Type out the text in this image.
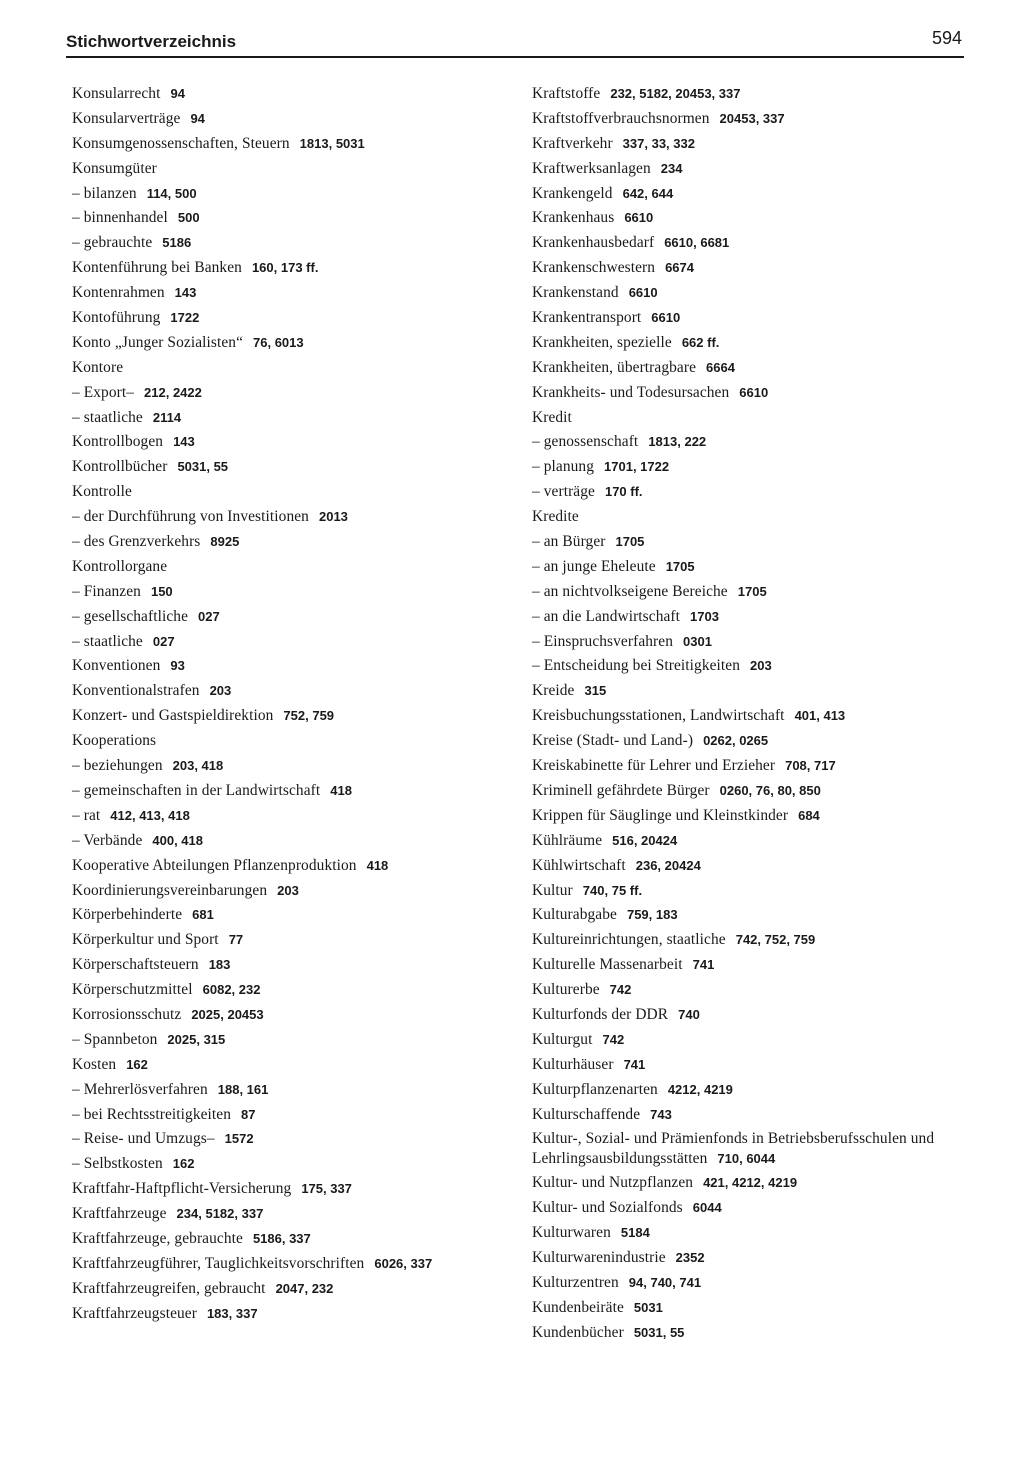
Stichwortverzeichnis	594
Konsularrecht 94
Konsularverträge 94
Konsumgenossenschaften, Steuern 1813, 5031
Konsumgüter
– bilanzen 114, 500
– binnenhandel 500
– gebrauchte 5186
Kontenführung bei Banken 160, 173 ff.
Kontenrahmen 143
Kontoführung 1722
Konto „Junger Sozialisten“ 76, 6013
Kontore
– Export– 212, 2422
– staatliche 2114
Kontrollbogen 143
Kontrollbücher 5031, 55
Kontrolle
– der Durchführung von Investitionen 2013
– des Grenzverkehrs 8925
Kontrollorgane
– Finanzen 150
– gesellschaftliche 027
– staatliche 027
Konventionen 93
Konventionalstrafen 203
Konzert- und Gastspieldirektion 752, 759
Kooperations
– beziehungen 203, 418
– gemeinschaften in der Landwirtschaft 418
– rat 412, 413, 418
– Verbände 400, 418
Kooperative Abteilungen Pflanzenproduktion 418
Koordinierungsvereinbarungen 203
Körperbehinderte 681
Körperkultur und Sport 77
Körperschaftsteuern 183
Körperschutzmittel 6082, 232
Korrosionsschutz 2025, 20453
– Spannbeton 2025, 315
Kosten 162
– Mehrerlösverfahren 188, 161
– bei Rechtsstreitigkeiten 87
– Reise- und Umzugs– 1572
– Selbstkosten 162
Kraftfahr-Haftpflicht-Versicherung 175, 337
Kraftfahrzeuge 234, 5182, 337
Kraftfahrzeuge, gebrauchte 5186, 337
Kraftfahrzeugführer, Tauglichkeitsvorschriften 6026, 337
Kraftfahrzeugreifen, gebraucht 2047, 232
Kraftfahrzeugsteuer 183, 337
Kraftstoffe 232, 5182, 20453, 337
Kraftstoffverbrauchsnormen 20453, 337
Kraftverkehr 337, 33, 332
Kraftwerksanlagen 234
Krankengeld 642, 644
Krankenhaus 6610
Krankenhausbedarf 6610, 6681
Krankenschwestern 6674
Krankenstand 6610
Krankentransport 6610
Krankheiten, spezielle 662 ff.
Krankheiten, übertragbare 6664
Krankheits- und Todesursachen 6610
Kredit
– genossenschaft 1813, 222
– planung 1701, 1722
– verträge 170 ff.
Kredite
– an Bürger 1705
– an junge Eheleute 1705
– an nichtvolkseigene Bereiche 1705
– an die Landwirtschaft 1703
– Einspruchsverfahren 0301
– Entscheidung bei Streitigkeiten 203
Kreide 315
Kreisbuchungsstationen, Landwirtschaft 401, 413
Kreise (Stadt- und Land-) 0262, 0265
Kreiskabinette für Lehrer und Erzieher 708, 717
Kriminell gefährdete Bürger 0260, 76, 80, 850
Krippen für Säuglinge und Kleinstkinder 684
Kühlräume 516, 20424
Kühlwirtschaft 236, 20424
Kultur 740, 75 ff.
Kulturabgabe 759, 183
Kultureinrichtungen, staatliche 742, 752, 759
Kulturelle Massenarbeit 741
Kulturerbe 742
Kulturfonds der DDR 740
Kulturgut 742
Kulturhäuser 741
Kulturpflanzenarten 4212, 4219
Kulturschaffende 743
Kultur-, Sozial- und Prämienfonds in Betriebsberufsschulen und Lehrlingsausbildungsstätten 710, 6044
Kultur- und Nutzpflanzen 421, 4212, 4219
Kultur- und Sozialfonds 6044
Kulturwaren 5184
Kulturwarenindustrie 2352
Kulturzentren 94, 740, 741
Kundenbeiräte 5031
Kundenbücher 5031, 55
